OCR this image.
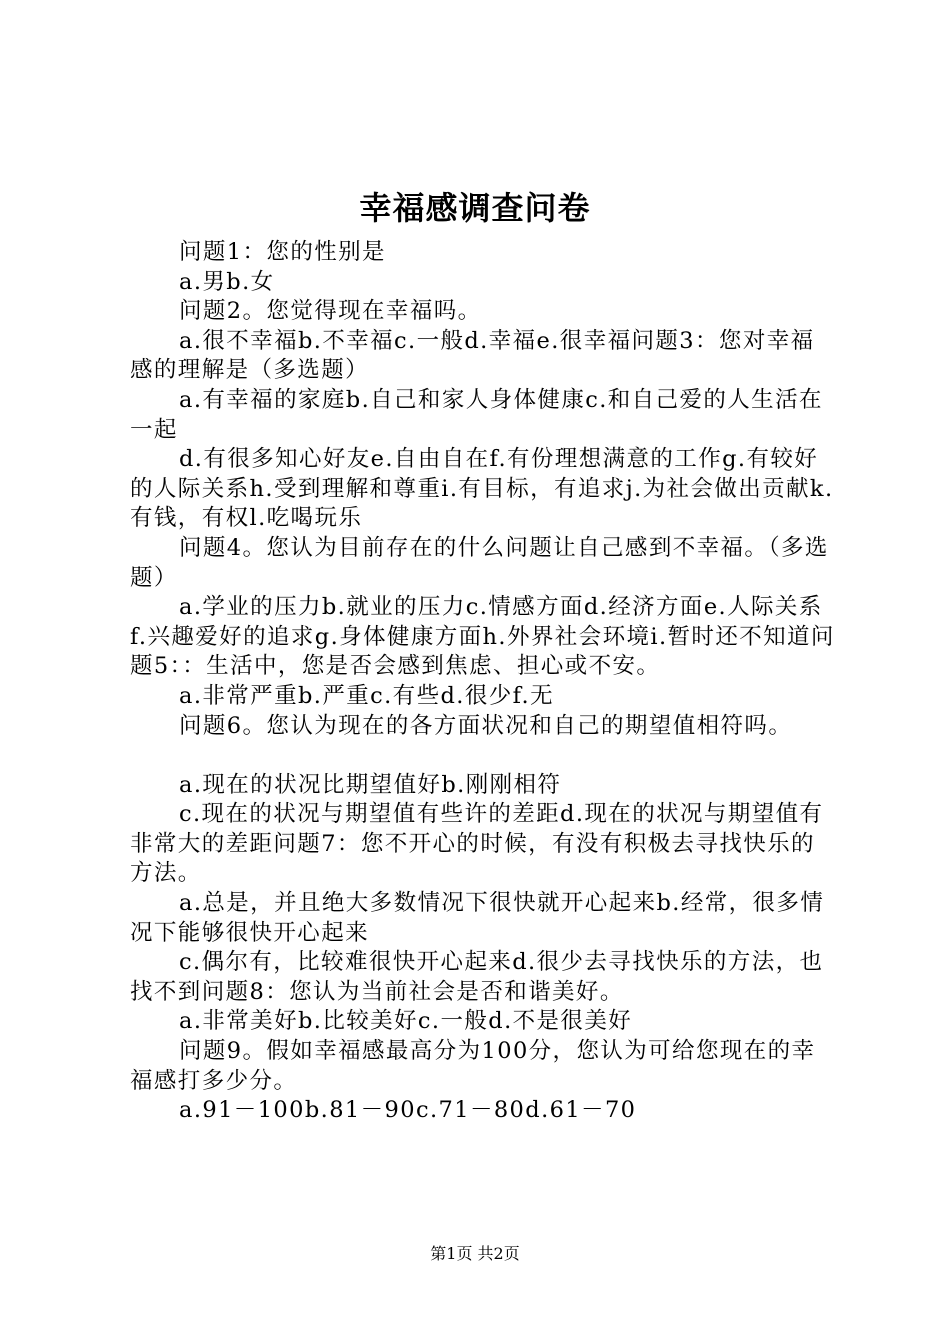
幸福感调查问卷

问题1：您的性别是

a.男b.女

问题2。您觉得现在幸福吗。

a.很不幸福b.不幸福c.一般d.幸福e.很幸福问题3：您对幸福感的理解是（多选题）

a.有幸福的家庭b.自己和家人身体健康c.和自己爱的人生活在一起

d.有很多知心好友e.自由自在f.有份理想满意的工作g.有较好的人际关系h.受到理解和尊重i.有目标，有追求j.为社会做出贡献k.有钱，有权l.吃喝玩乐

问题4。您认为目前存在的什么问题让自己感到不幸福。（多选题）

a.学业的压力b.就业的压力c.情感方面d.经济方面e.人际关系f.兴趣爱好的追求g.身体健康方面h.外界社会环境i.暂时还不知道问题5：：生活中，您是否会感到焦虑、担心或不安。

a.非常严重b.严重c.有些d.很少f.无

问题6。您认为现在的各方面状况和自己的期望值相符吗。

a.现在的状况比期望值好b.刚刚相符

c.现在的状况与期望值有些许的差距d.现在的状况与期望值有非常大的差距问题7：您不开心的时候，有没有积极去寻找快乐的方法。

a.总是，并且绝大多数情况下很快就开心起来b.经常，很多情况下能够很快开心起来

c.偶尔有，比较难很快开心起来d.很少去寻找快乐的方法，也找不到问题8：您认为当前社会是否和谐美好。

a.非常美好b.比较美好c.一般d.不是很美好

问题9。假如幸福感最高分为100分，您认为可给您现在的幸福感打多少分。

a.91－100b.81－90c.71－80d.61－70

第1页 共2页
